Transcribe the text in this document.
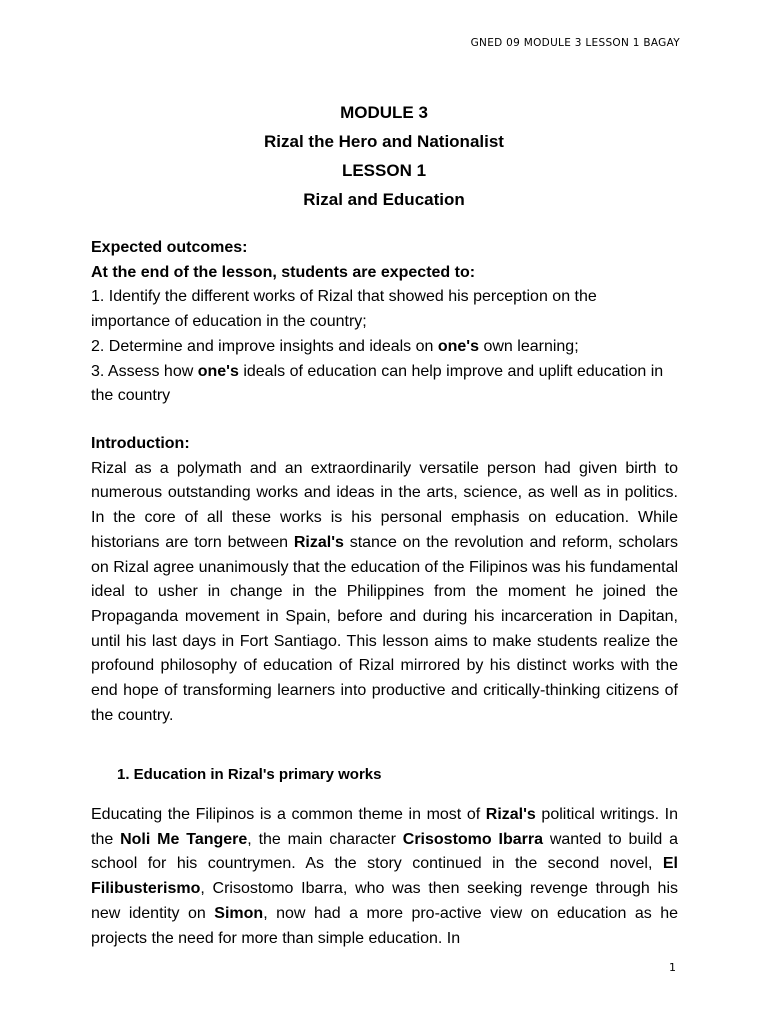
GNED 09 MODULE 3 LESSON 1 BAGAY
MODULE 3
Rizal the Hero and Nationalist
LESSON 1
Rizal and Education

Expected outcomes:

At the end of the lesson, students are expected to:

1. Identify the different works of Rizal that showed his perception on the importance of education in the country;

2. Determine and improve insights and ideals on one's own learning;

3. Assess how one's ideals of education can help improve and uplift education in the country

Introduction:

Rizal as a polymath and an extraordinarily versatile person had given birth to numerous outstanding works and ideas in the arts, science, as well as in politics. In the core of all these works is his personal emphasis on education. While historians are torn between Rizal's stance on the revolution and reform, scholars on Rizal agree unanimously that the education of the Filipinos was his fundamental ideal to usher in change in the Philippines from the moment he joined the Propaganda movement in Spain, before and during his incarceration in Dapitan, until his last days in Fort Santiago. This lesson aims to make students realize the profound philosophy of education of Rizal mirrored by his distinct works with the end hope of transforming learners into productive and critically-thinking citizens of the country.

1. Education in Rizal's primary works

Educating the Filipinos is a common theme in most of Rizal's political writings. In the Noli Me Tangere, the main character Crisostomo Ibarra wanted to build a school for his countrymen. As the story continued in the second novel, El Filibusterismo, Crisostomo Ibarra, who was then seeking revenge through his new identity on Simon, now had a more pro-active view on education as he projects the need for more than simple education. In

1
